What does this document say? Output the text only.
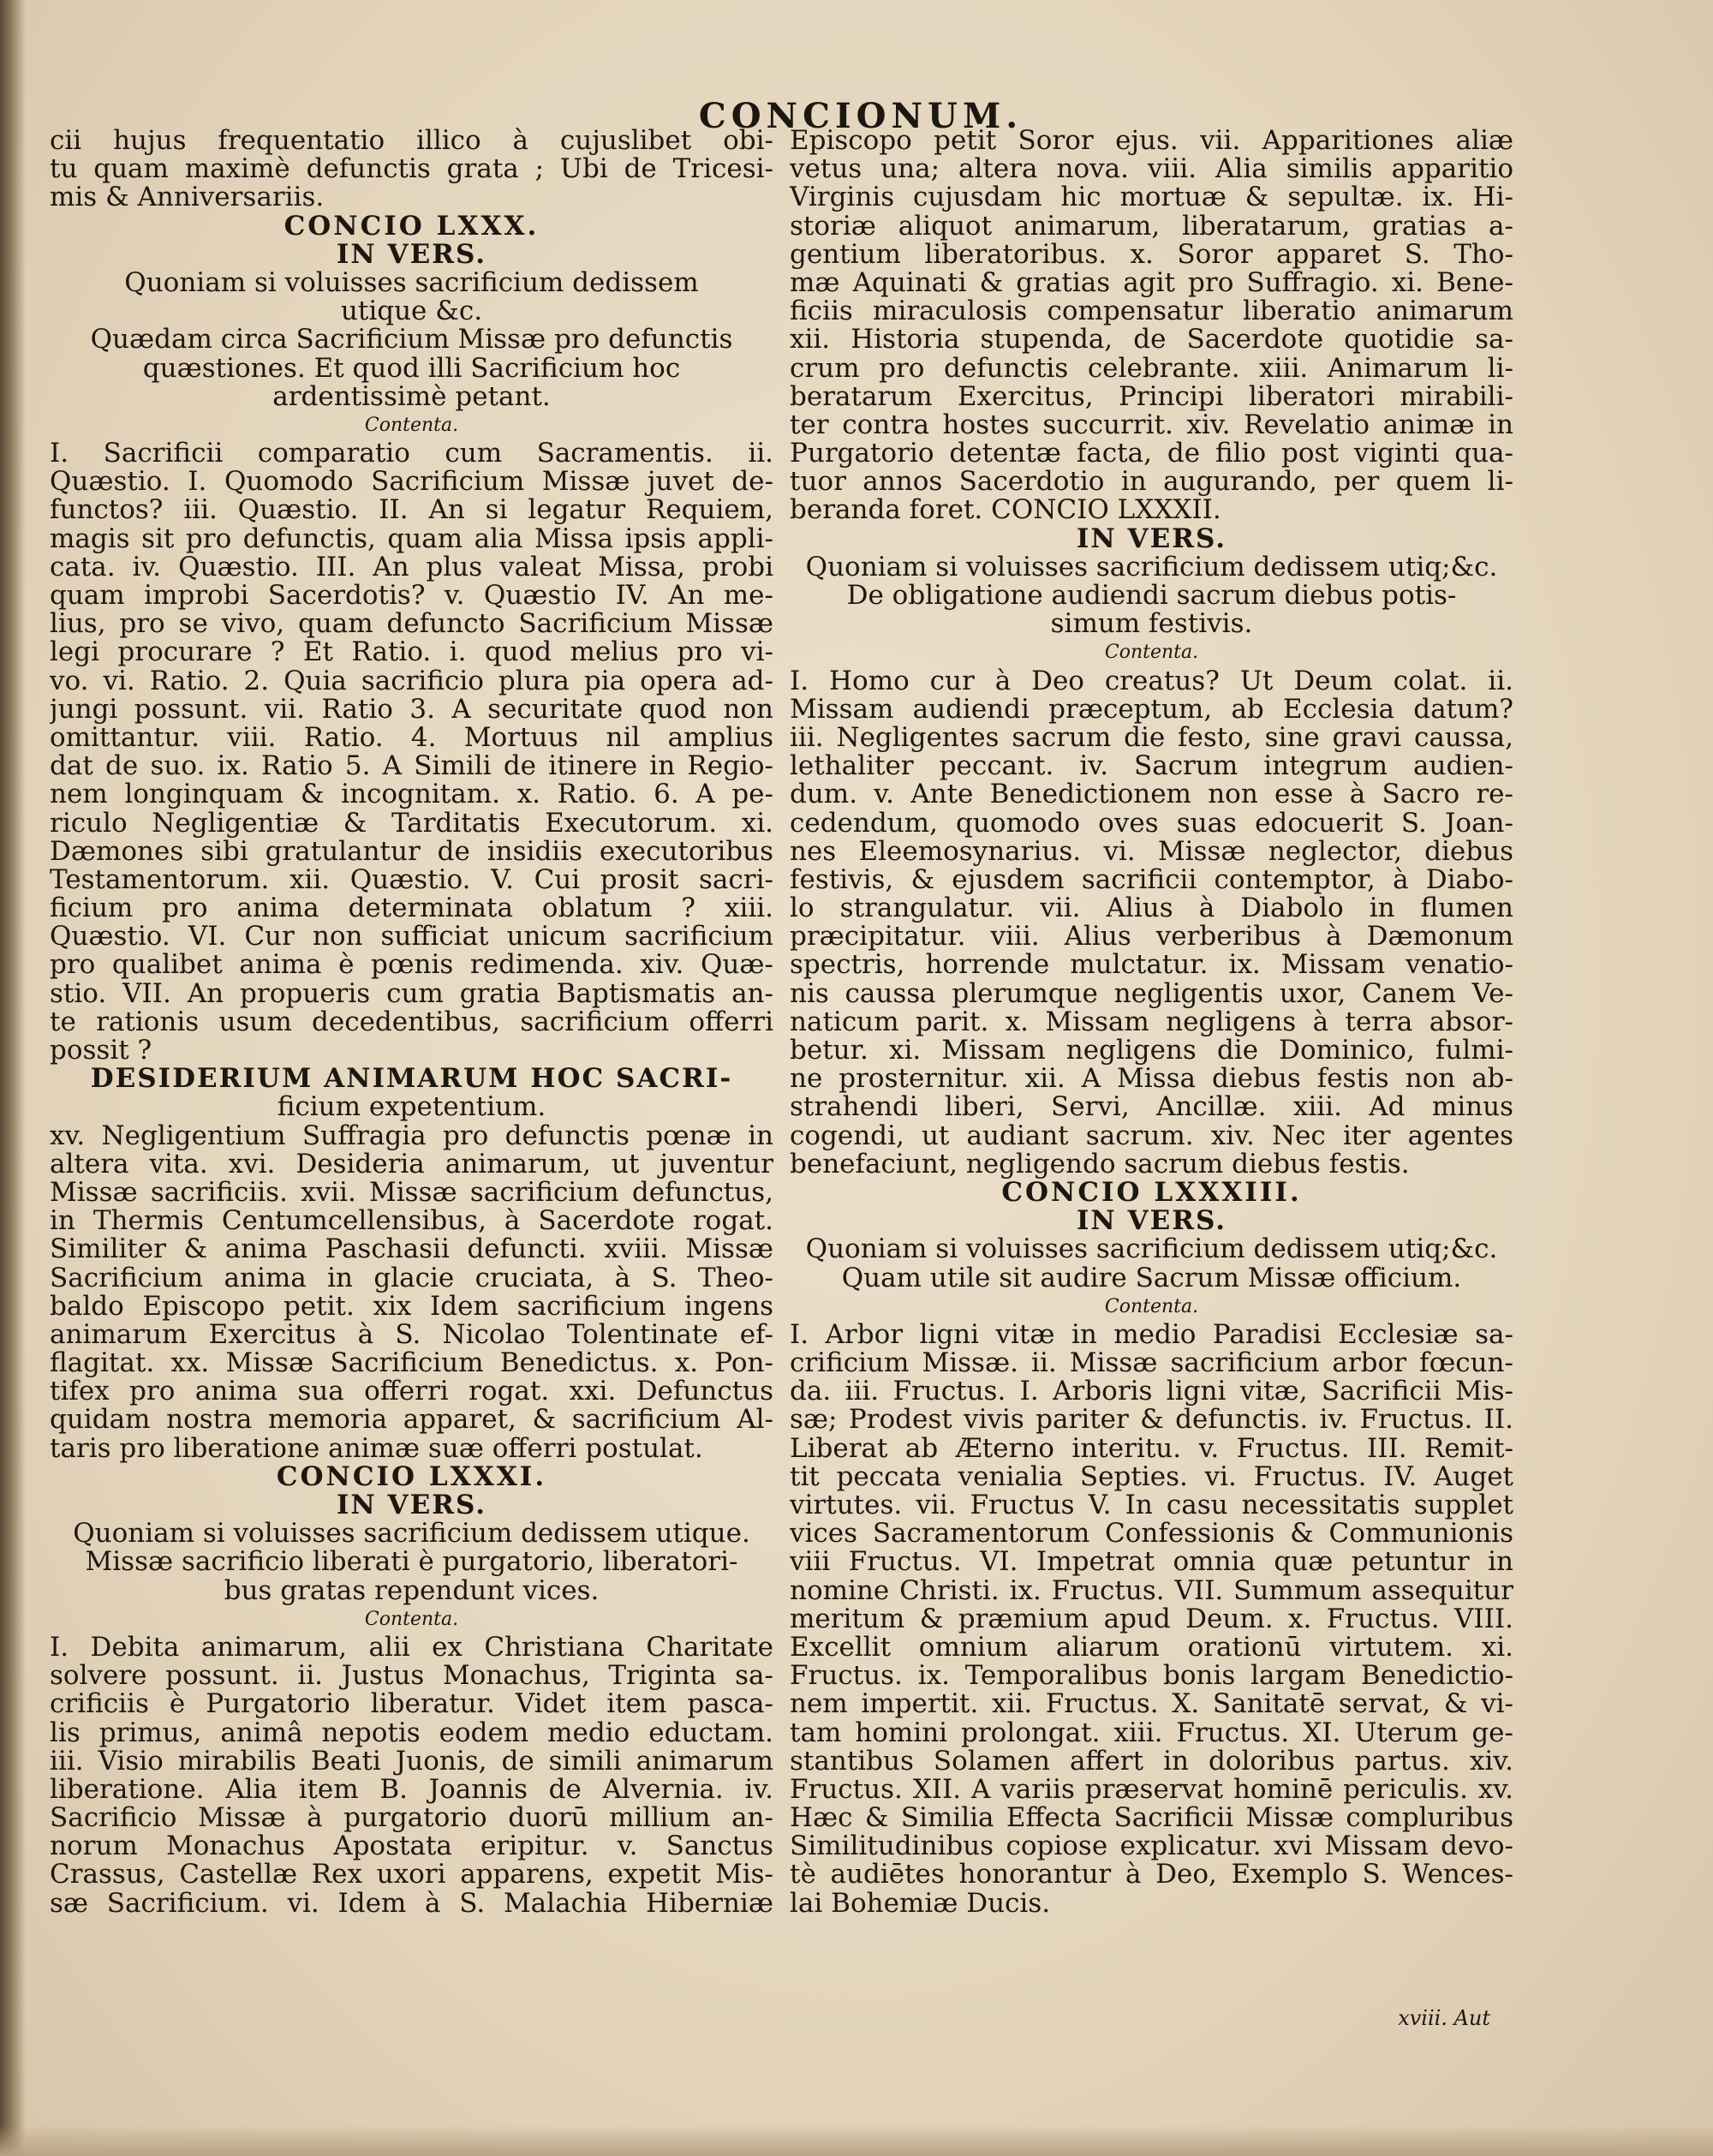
CONCIONUM.
cii hujus frequentatio illico à cujuslibet obi-
tu quam maximè defunctis grata ; Ubi de Tricesi-
mis & Anniversariis.
CONCIO LXXX.
IN VERS.
Quoniam si voluisses sacrificium dedissem
utique &c.
Quædam circa Sacrificium Missæ pro defunctis
quæstiones. Et quod illi Sacrificium hoc
ardentissimè petant.
Contenta.
I. Sacrificii comparatio cum Sacramentis. ii.
Quæstio. I. Quomodo Sacrificium Missæ juvet de-
functos? iii. Quæstio. II. An si legatur Requiem,
magis sit pro defunctis, quam alia Missa ipsis appli-
cata. iv. Quæstio. III. An plus valeat Missa, probi
quam improbi Sacerdotis? v. Quæstio IV. An me-
lius, pro se vivo, quam defuncto Sacrificium Missæ
legi procurare ? Et Ratio. i. quod melius pro vi-
vo. vi. Ratio. 2. Quia sacrificio plura pia opera ad-
jungi possunt. vii. Ratio 3. A securitate quod non
omittantur. viii. Ratio. 4. Mortuus nil amplius
dat de suo. ix. Ratio 5. A Simili de itinere in Regio-
nem longinquam & incognitam. x. Ratio. 6. A pe-
riculo Negligentiæ & Tarditatis Executorum. xi.
Dæmones sibi gratulantur de insidiis executoribus
Testamentorum. xii. Quæstio. V. Cui prosit sacri-
ficium pro anima determinata oblatum ? xiii.
Quæstio. VI. Cur non sufficiat unicum sacrificium
pro qualibet anima è pœnis redimenda. xiv. Quæ-
stio. VII. An propueris cum gratia Baptismatis an-
te rationis usum decedentibus, sacrificium offerri
possit ?
DESIDERIUM ANIMARUM HOC SACRI-
ficium expetentium.
xv. Negligentium Suffragia pro defunctis pœnæ in
altera vita. xvi. Desideria animarum, ut juventur
Missæ sacrificiis. xvii. Missæ sacrificium defunctus,
in Thermis Centumcellensibus, à Sacerdote rogat.
Similiter & anima Paschasii defuncti. xviii. Missæ
Sacrificium anima in glacie cruciata, à S. Theo-
baldo Episcopo petit. xix Idem sacrificium ingens
animarum Exercitus à S. Nicolao Tolentinate ef-
flagitat. xx. Missæ Sacrificium Benedictus. x. Pon-
tifex pro anima sua offerri rogat. xxi. Defunctus
quidam nostra memoria apparet, & sacrificium Al-
taris pro liberatione animæ suæ offerri postulat.
CONCIO LXXXI.
IN VERS.
Quoniam si voluisses sacrificium dedissem utique.
Missæ sacrificio liberati è purgatorio, liberatori-
bus gratas rependunt vices.
Contenta.
I. Debita animarum, alii ex Christiana Charitate
solvere possunt. ii. Justus Monachus, Triginta sa-
crificiis è Purgatorio liberatur. Videt item pasca-
lis primus, animâ nepotis eodem medio eductam.
iii. Visio mirabilis Beati Juonis, de simili animarum
liberatione. Alia item B. Joannis de Alvernia. iv.
Sacrificio Missæ à purgatorio duorū millium an-
norum Monachus Apostata eripitur. v. Sanctus
Crassus, Castellæ Rex uxori apparens, expetit Mis-
sæ Sacrificium. vi. Idem à S. Malachia Hiberniæ
Episcopo petit Soror ejus. vii. Apparitiones aliæ
vetus una; altera nova. viii. Alia similis apparitio
Virginis cujusdam hic mortuæ & sepultæ. ix. Hi-
storiæ aliquot animarum, liberatarum, gratias a-
gentium liberatoribus. x. Soror apparet S. Tho-
mæ Aquinati & gratias agit pro Suffragio. xi. Bene-
ficiis miraculosis compensatur liberatio animarum
xii. Historia stupenda, de Sacerdote quotidie sa-
crum pro defunctis celebrante. xiii. Animarum li-
beratarum Exercitus, Principi liberatori mirabili-
ter contra hostes succurrit. xiv. Revelatio animæ in
Purgatorio detentæ facta, de filio post viginti qua-
tuor annos Sacerdotio in augurando, per quem li-
beranda foret. CONCIO LXXXII.
IN VERS.
Quoniam si voluisses sacrificium dedissem utiq;&c.
De obligatione audiendi sacrum diebus potis-
simum festivis.
Contenta.
I. Homo cur à Deo creatus? Ut Deum colat. ii.
Missam audiendi præceptum, ab Ecclesia datum?
iii. Negligentes sacrum die festo, sine gravi caussa,
lethaliter peccant. iv. Sacrum integrum audien-
dum. v. Ante Benedictionem non esse à Sacro re-
cedendum, quomodo oves suas edocuerit S. Joan-
nes Eleemosynarius. vi. Missæ neglector, diebus
festivis, & ejusdem sacrificii contemptor, à Diabo-
lo strangulatur. vii. Alius à Diabolo in flumen
præcipitatur. viii. Alius verberibus à Dæmonum
spectris, horrende mulctatur. ix. Missam venatio-
nis caussa plerumque negligentis uxor, Canem Ve-
naticum parit. x. Missam negligens à terra absor-
betur. xi. Missam negligens die Dominico, fulmi-
ne prosternitur. xii. A Missa diebus festis non ab-
strahendi liberi, Servi, Ancillæ. xiii. Ad minus
cogendi, ut audiant sacrum. xiv. Nec iter agentes
benefaciunt, negligendo sacrum diebus festis.
CONCIO LXXXIII.
IN VERS.
Quoniam si voluisses sacrificium dedissem utiq;&c.
Quam utile sit audire Sacrum Missæ officium.
Contenta.
I. Arbor ligni vitæ in medio Paradisi Ecclesiæ sa-
crificium Missæ. ii. Missæ sacrificium arbor fœcun-
da. iii. Fructus. I. Arboris ligni vitæ, Sacrificii Mis-
sæ; Prodest vivis pariter & defunctis. iv. Fructus. II.
Liberat ab Æterno interitu. v. Fructus. III. Remit-
tit peccata venialia Septies. vi. Fructus. IV. Auget
virtutes. vii. Fructus V. In casu necessitatis supplet
vices Sacramentorum Confessionis & Communionis
viii Fructus. VI. Impetrat omnia quæ petuntur in
nomine Christi. ix. Fructus. VII. Summum assequitur
meritum & præmium apud Deum. x. Fructus. VIII.
Excellit omnium aliarum orationū virtutem. xi.
Fructus. ix. Temporalibus bonis largam Benedictio-
nem impertit. xii. Fructus. X. Sanitatē servat, & vi-
tam homini prolongat. xiii. Fructus. XI. Uterum ge-
stantibus Solamen affert in doloribus partus. xiv.
Fructus. XII. A variis præservat hominē periculis. xv.
Hæc & Similia Effecta Sacrificii Missæ compluribus
Similitudinibus copiose explicatur. xvi Missam devo-
tè audiētes honorantur à Deo, Exemplo S. Wences-
lai Bohemiæ Ducis.
xviii. Aut
